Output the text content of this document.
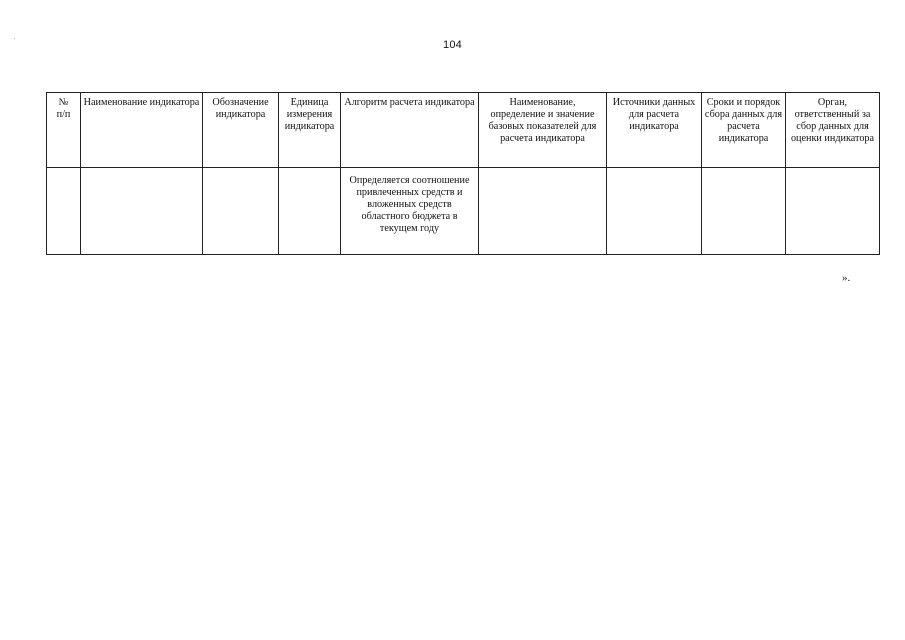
104
№
п/п	Наименование индикатора	Обозначение индикатора	Единица измерения индикатора	Алгоритм расчета индикатора	Наименование, определение и значение базовых показателей для расчета индикатора	Источники данных для расчета индикатора	Сроки и порядок сбора данных для расчета индикатора	Орган, ответственный за сбор данных для оценки индикатора
				Определяется соотношение привлеченных средств и вложенных средств областного бюджета в текущем году				
».
